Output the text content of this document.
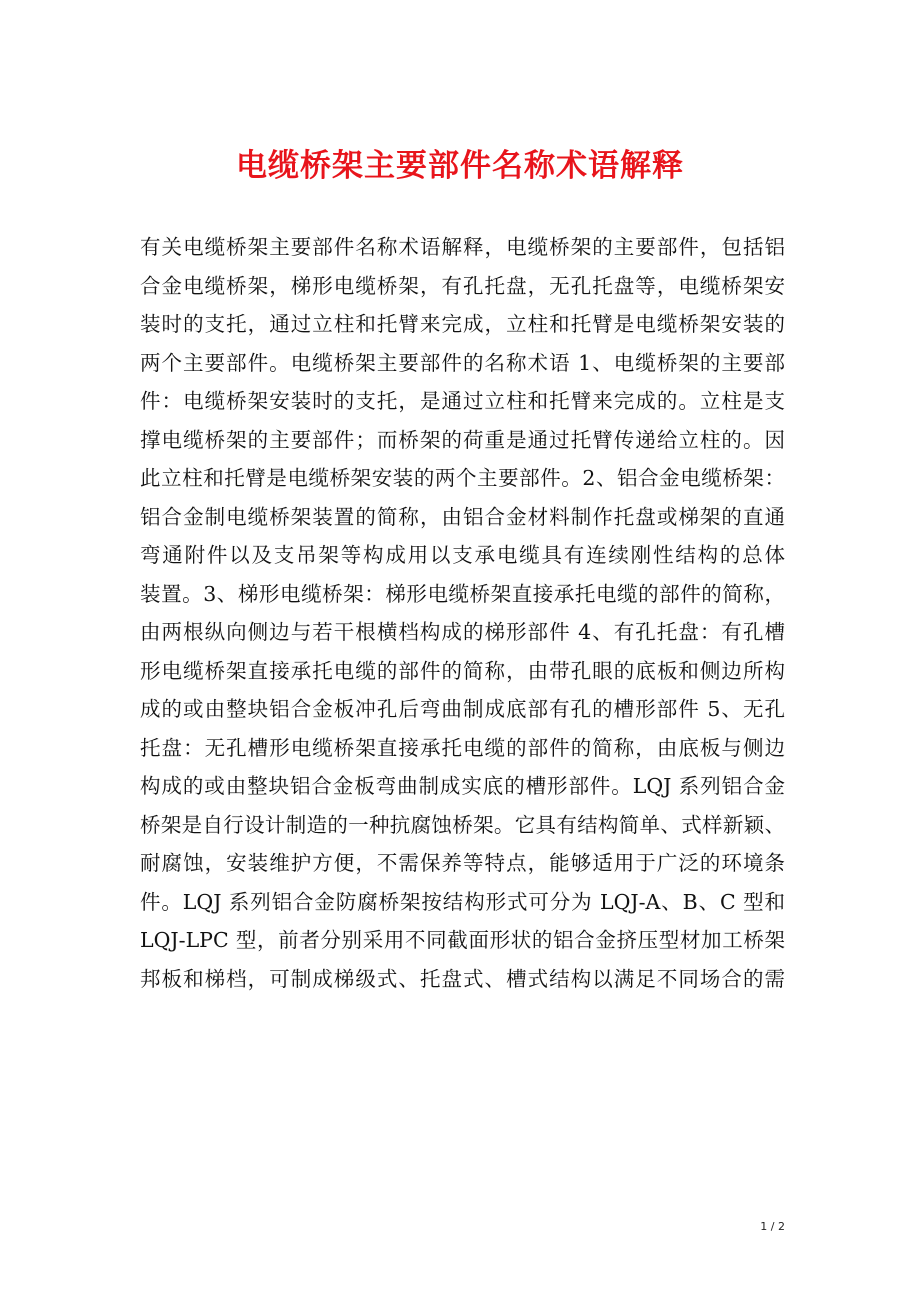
电缆桥架主要部件名称术语解释
有关电缆桥架主要部件名称术语解释，电缆桥架的主要部件，包括铝
合金电缆桥架，梯形电缆桥架，有孔托盘，无孔托盘等，电缆桥架安
装时的支托，通过立柱和托臂来完成，立柱和托臂是电缆桥架安装的
两个主要部件。电缆桥架主要部件的名称术语 1、电缆桥架的主要部
件：电缆桥架安装时的支托，是通过立柱和托臂来完成的。立柱是支
撑电缆桥架的主要部件；而桥架的荷重是通过托臂传递给立柱的。因
此立柱和托臂是电缆桥架安装的两个主要部件。2、铝合金电缆桥架：
铝合金制电缆桥架装置的简称，由铝合金材料制作托盘或梯架的直通
弯通附件以及支吊架等构成用以支承电缆具有连续刚性结构的总体
装置。3、梯形电缆桥架：梯形电缆桥架直接承托电缆的部件的简称，
由两根纵向侧边与若干根横档构成的梯形部件 4、有孔托盘：有孔槽
形电缆桥架直接承托电缆的部件的简称，由带孔眼的底板和侧边所构
成的或由整块铝合金板冲孔后弯曲制成底部有孔的槽形部件 5、无孔
托盘：无孔槽形电缆桥架直接承托电缆的部件的简称，由底板与侧边
构成的或由整块铝合金板弯曲制成实底的槽形部件。LQJ 系列铝合金
桥架是自行设计制造的一种抗腐蚀桥架。它具有结构简单、式样新颖、
耐腐蚀，安装维护方便，不需保养等特点，能够适用于广泛的环境条
件。LQJ 系列铝合金防腐桥架按结构形式可分为 LQJ-A、B、C 型和
LQJ-LPC 型，前者分别采用不同截面形状的铝合金挤压型材加工桥架
邦板和梯档，可制成梯级式、托盘式、槽式结构以满足不同场合的需
1 / 2
